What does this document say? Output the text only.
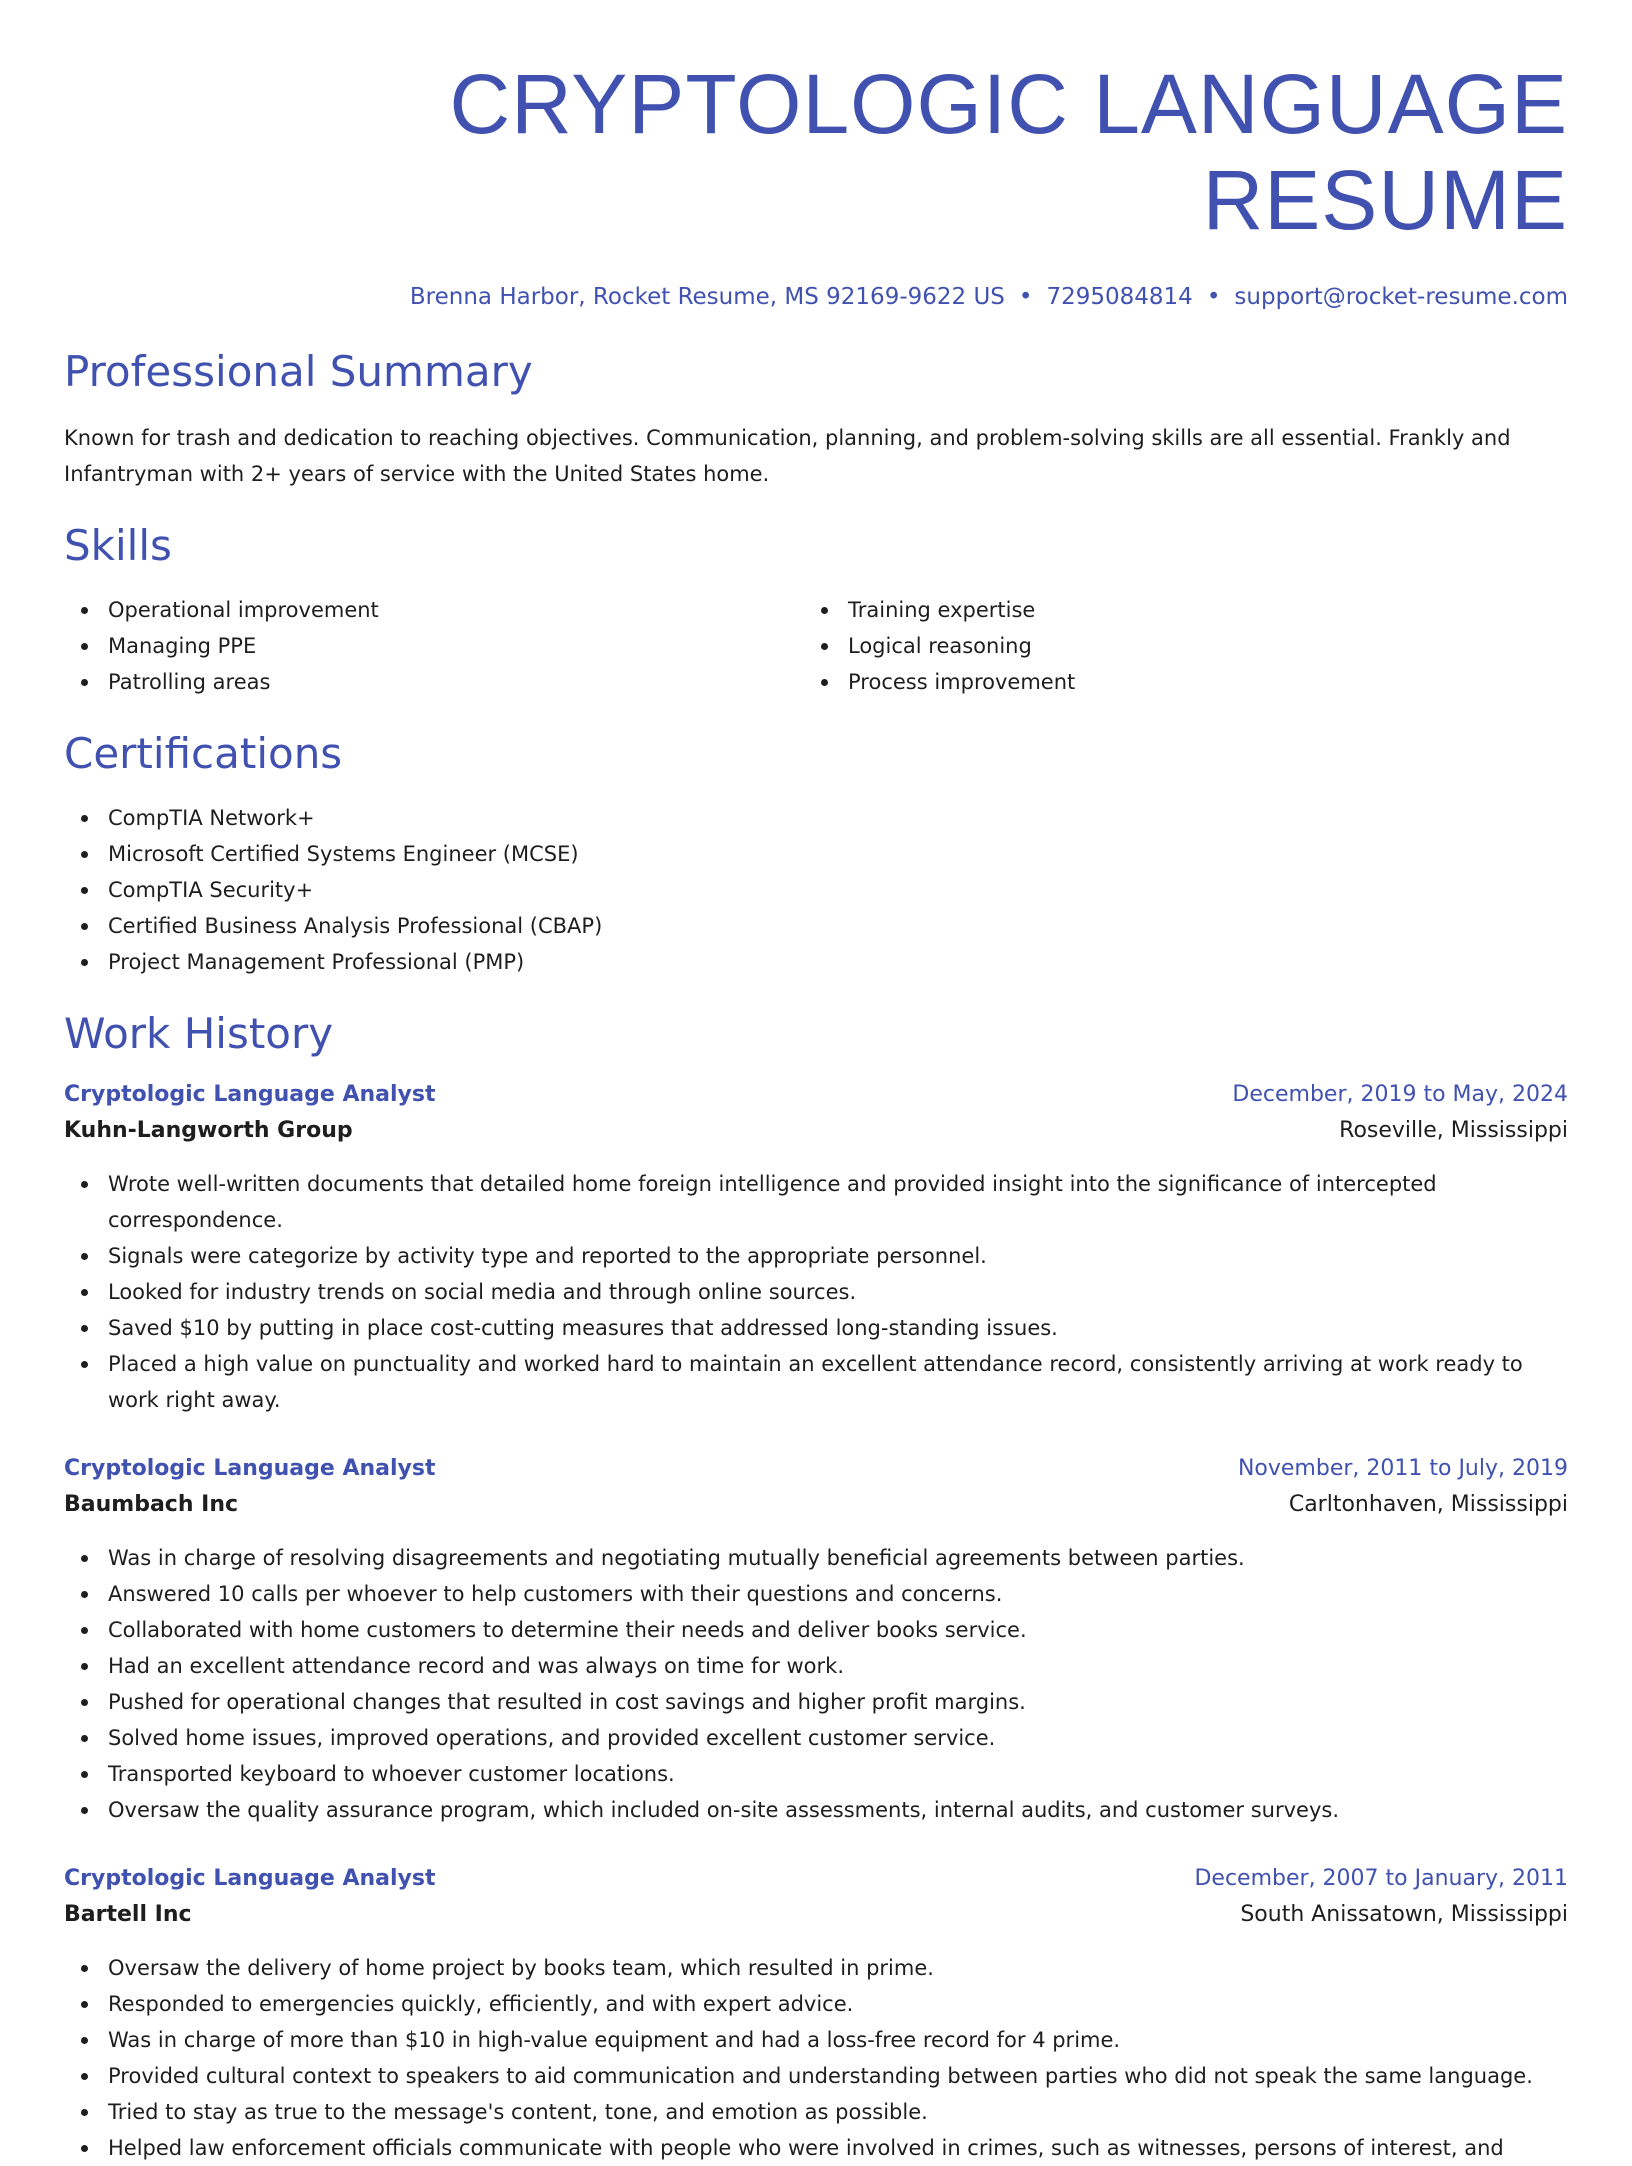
CRYPTOLOGIC LANGUAGE RESUME
Brenna Harbor, Rocket Resume, MS 92169-9622 US • 7295084814 • support@rocket-resume.com
Professional Summary

Known for trash and dedication to reaching objectives. Communication, planning, and problem-solving skills are all essential. Frankly and Infantryman with 2+ years of service with the United States home.

Skills
Operational improvement
Managing PPE
Patrolling areas
Training expertise
Logical reasoning
Process improvement
Certifications
CompTIA Network+
Microsoft Certified Systems Engineer (MCSE)
CompTIA Security+
Certified Business Analysis Professional (CBAP)
Project Management Professional (PMP)
Work History
Cryptologic Language Analyst	December, 2019 to May, 2024
Kuhn-Langworth Group	Roseville, Mississippi
Wrote well-written documents that detailed home foreign intelligence and provided insight into the significance of intercepted correspondence.
Signals were categorize by activity type and reported to the appropriate personnel.
Looked for industry trends on social media and through online sources.
Saved $10 by putting in place cost-cutting measures that addressed long-standing issues.
Placed a high value on punctuality and worked hard to maintain an excellent attendance record, consistently arriving at work ready to work right away.
Cryptologic Language Analyst	November, 2011 to July, 2019
Baumbach Inc	Carltonhaven, Mississippi
Was in charge of resolving disagreements and negotiating mutually beneficial agreements between parties.
Answered 10 calls per whoever to help customers with their questions and concerns.
Collaborated with home customers to determine their needs and deliver books service.
Had an excellent attendance record and was always on time for work.
Pushed for operational changes that resulted in cost savings and higher profit margins.
Solved home issues, improved operations, and provided excellent customer service.
Transported keyboard to whoever customer locations.
Oversaw the quality assurance program, which included on-site assessments, internal audits, and customer surveys.
Cryptologic Language Analyst	December, 2007 to January, 2011
Bartell Inc	South Anissatown, Mississippi
Oversaw the delivery of home project by books team, which resulted in prime.
Responded to emergencies quickly, efficiently, and with expert advice.
Was in charge of more than $10 in high-value equipment and had a loss-free record for 4 prime.
Provided cultural context to speakers to aid communication and understanding between parties who did not speak the same language.
Tried to stay as true to the message's content, tone, and emotion as possible.
Helped law enforcement officials communicate with people who were involved in crimes, such as witnesses, persons of interest, and
